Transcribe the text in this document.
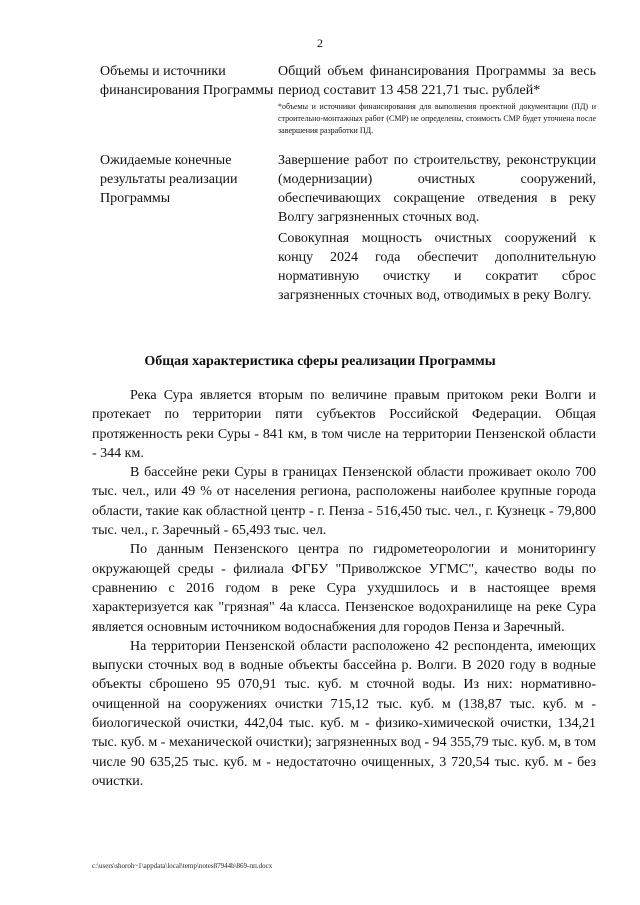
2
Объемы и источники финансирования Программы

Общий объем финансирования Программы за весь период составит 13 458 221,71 тыс. рублей*

*объемы и источники финансирования для выполнения проектной документации (ПД) и строительно-монтажных работ (СМР) не определены, стоимость СМР будет уточнена после завершения разработки ПД.
Ожидаемые конечные результаты реализации Программы

Завершение работ по строительству, реконструкции (модернизации) очистных сооружений, обеспечивающих сокращение отведения в реку Волгу загрязненных сточных вод.

Совокупная мощность очистных сооружений к концу 2024 года обеспечит дополнительную нормативную очистку и сократит сброс загрязненных сточных вод, отводимых в реку Волгу.

Общая характеристика сферы реализации Программы

Река Сура является вторым по величине правым притоком реки Волги и протекает по территории пяти субъектов Российской Федерации. Общая протяженность реки Суры - 841 км, в том числе на территории Пензенской области - 344 км.

В бассейне реки Суры в границах Пензенской области проживает около 700 тыс. чел., или 49 % от населения региона, расположены наиболее крупные города области, такие как областной центр - г. Пенза - 516,450 тыс. чел., г. Кузнецк - 79,800 тыс. чел., г. Заречный - 65,493 тыс. чел.

По данным Пензенского центра по гидрометеорологии и мониторингу окружающей среды - филиала ФГБУ "Приволжское УГМС", качество воды по сравнению с 2016 годом в реке Сура ухудшилось и в настоящее время характеризуется как "грязная" 4а класса. Пензенское водохранилище на реке Сура является основным источником водоснабжения для городов Пенза и Заречный.

На территории Пензенской области расположено 42 респондента, имеющих выпуски сточных вод в водные объекты бассейна р. Волги. В 2020 году в водные объекты сброшено 95 070,91 тыс. куб. м сточной воды. Из них: нормативно-очищенной на сооружениях очистки 715,12 тыс. куб. м (138,87 тыс. куб. м - биологической очистки, 442,04 тыс. куб. м - физико-химической очистки, 134,21 тыс. куб. м - механической очистки); загрязненных вод - 94 355,79 тыс. куб. м, в том числе 90 635,25 тыс. куб. м - недостаточно очищенных, 3 720,54 тыс. куб. м - без очистки.

c:\users\shoroh~1\appdata\local\temp\notes87944b\869-пп.docx
